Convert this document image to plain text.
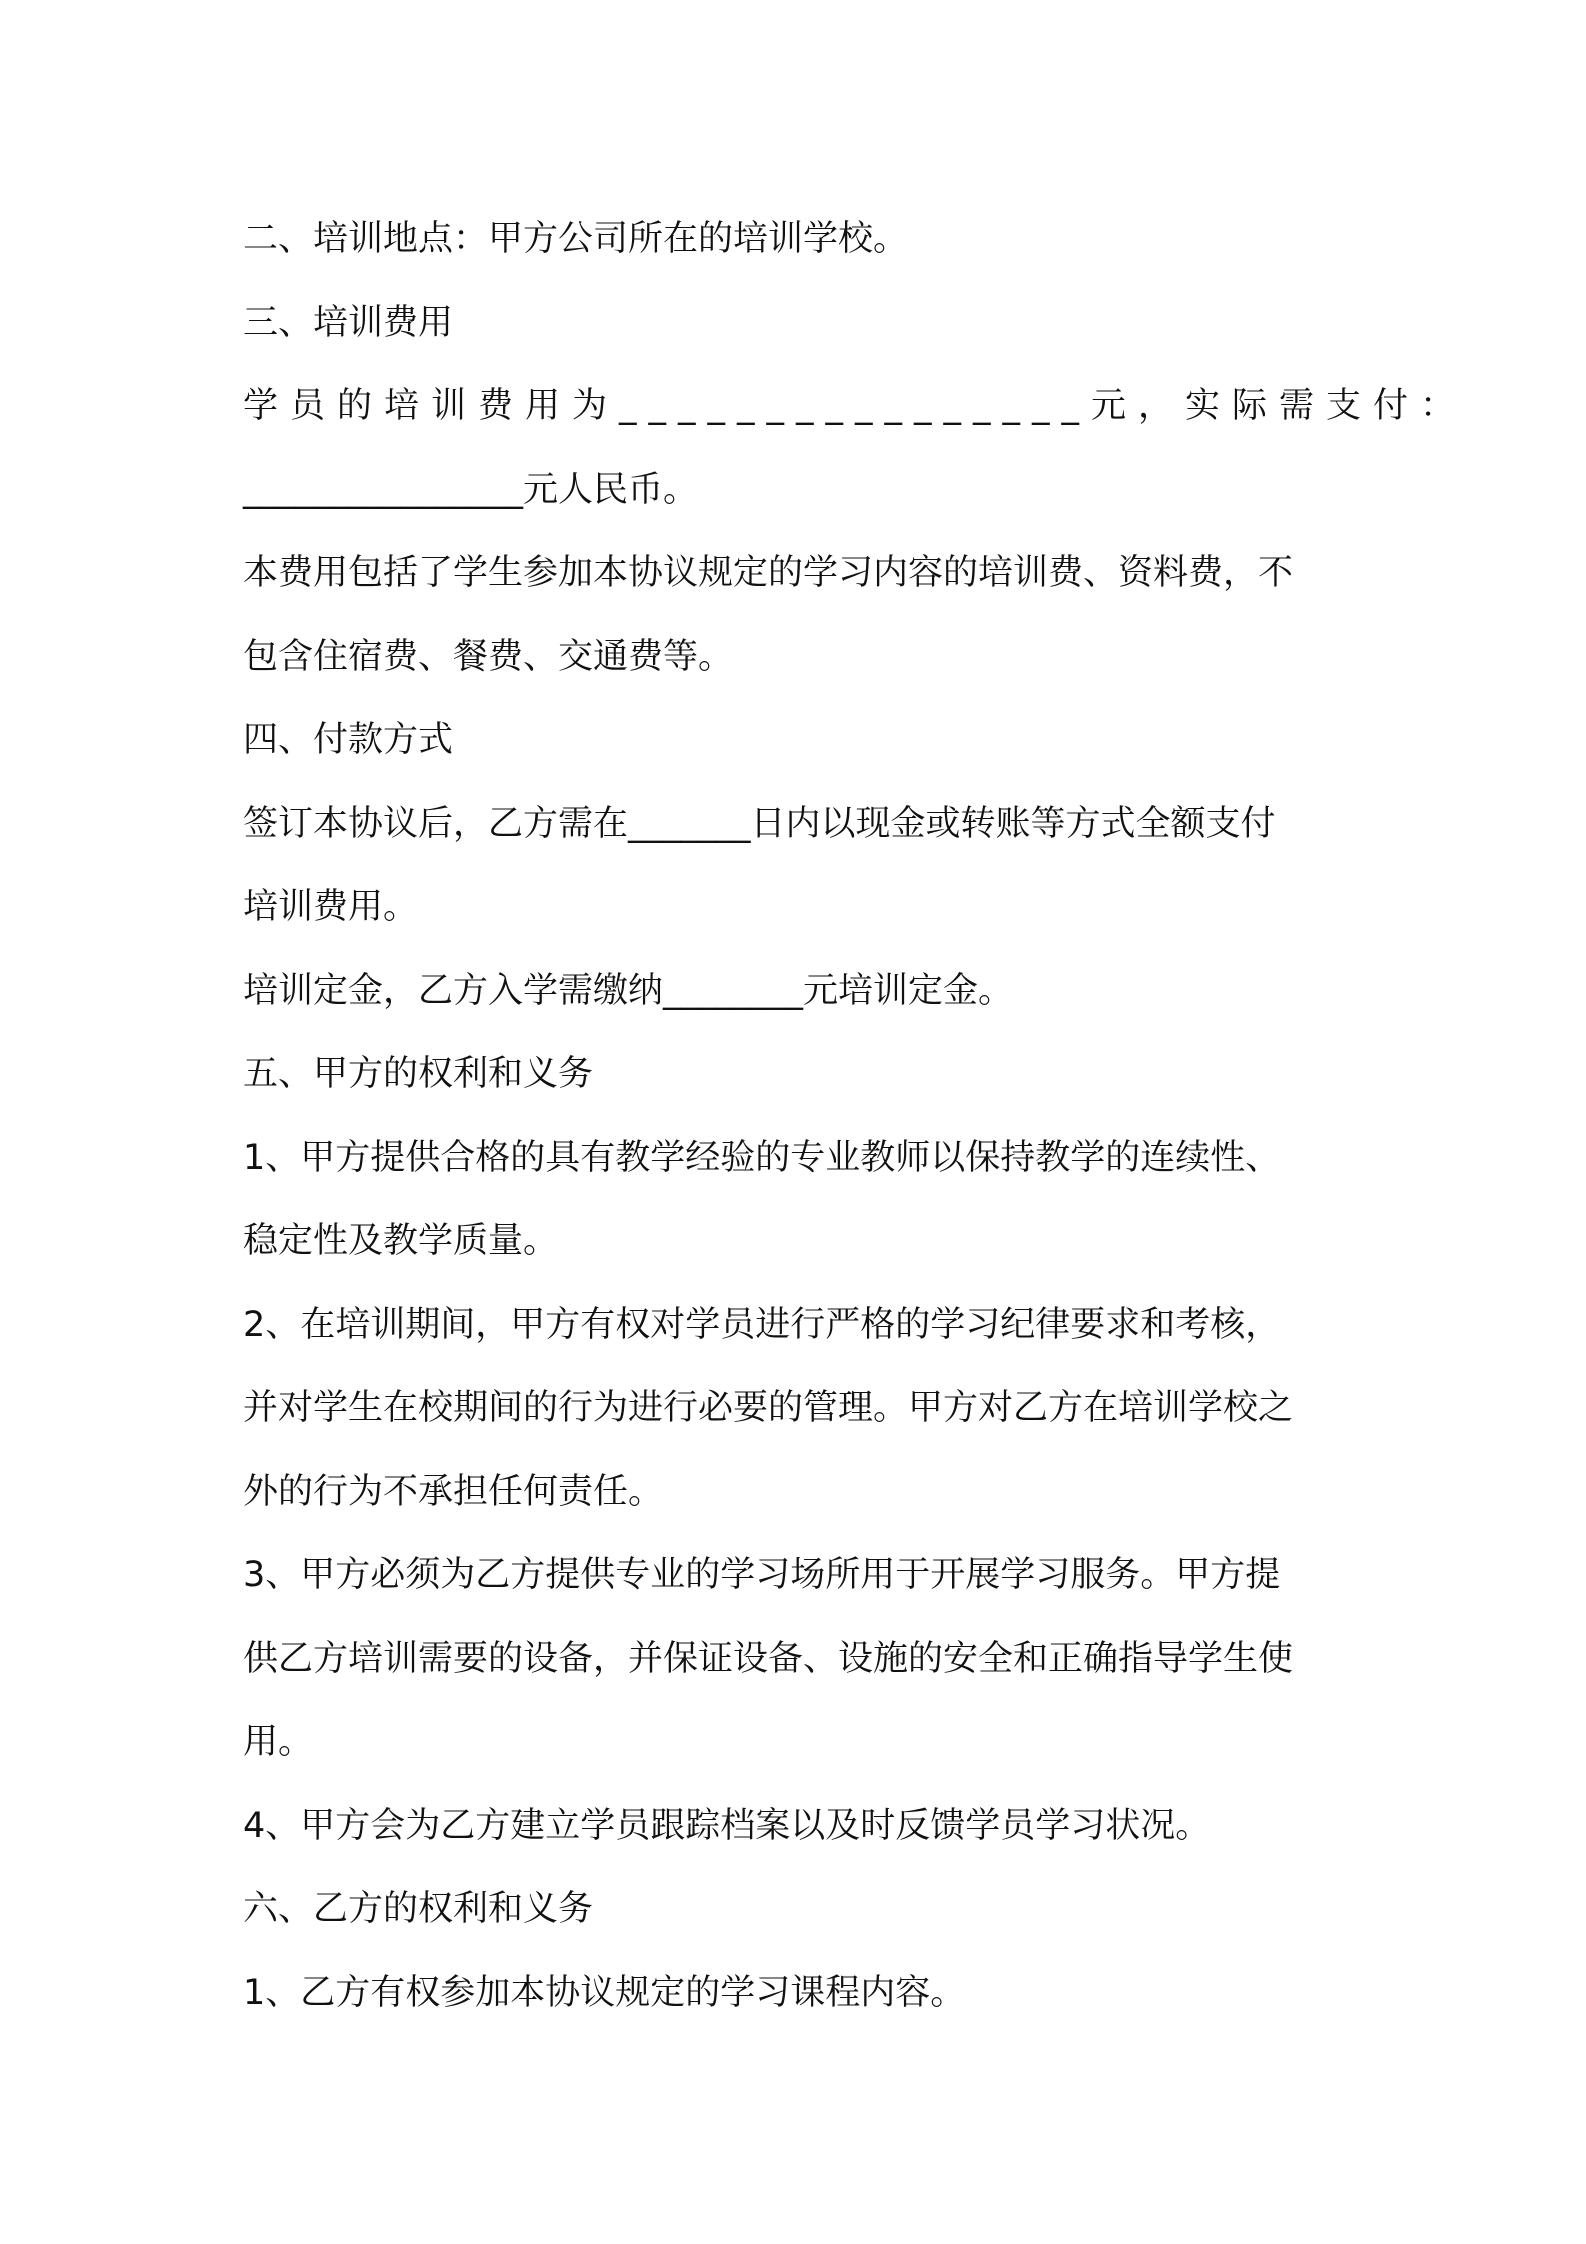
二、培训地点：甲方公司所在的培训学校。
三、培训费用
学员的培训费用为________________元， 实际需支付：
________________元人民币。
本费用包括了学生参加本协议规定的学习内容的培训费、资料费，不
包含住宿费、餐费、交通费等。
四、付款方式
签订本协议后，乙方需在_______日内以现金或转账等方式全额支付
培训费用。
培训定金，乙方入学需缴纳________元培训定金。
五、甲方的权利和义务
1、甲方提供合格的具有教学经验的专业教师以保持教学的连续性、
稳定性及教学质量。
2、在培训期间，甲方有权对学员进行严格的学习纪律要求和考核，
并对学生在校期间的行为进行必要的管理。甲方对乙方在培训学校之
外的行为不承担任何责任。
3、甲方必须为乙方提供专业的学习场所用于开展学习服务。甲方提
供乙方培训需要的设备，并保证设备、设施的安全和正确指导学生使
用。
4、甲方会为乙方建立学员跟踪档案以及时反馈学员学习状况。
六、乙方的权利和义务
1、乙方有权参加本协议规定的学习课程内容。
